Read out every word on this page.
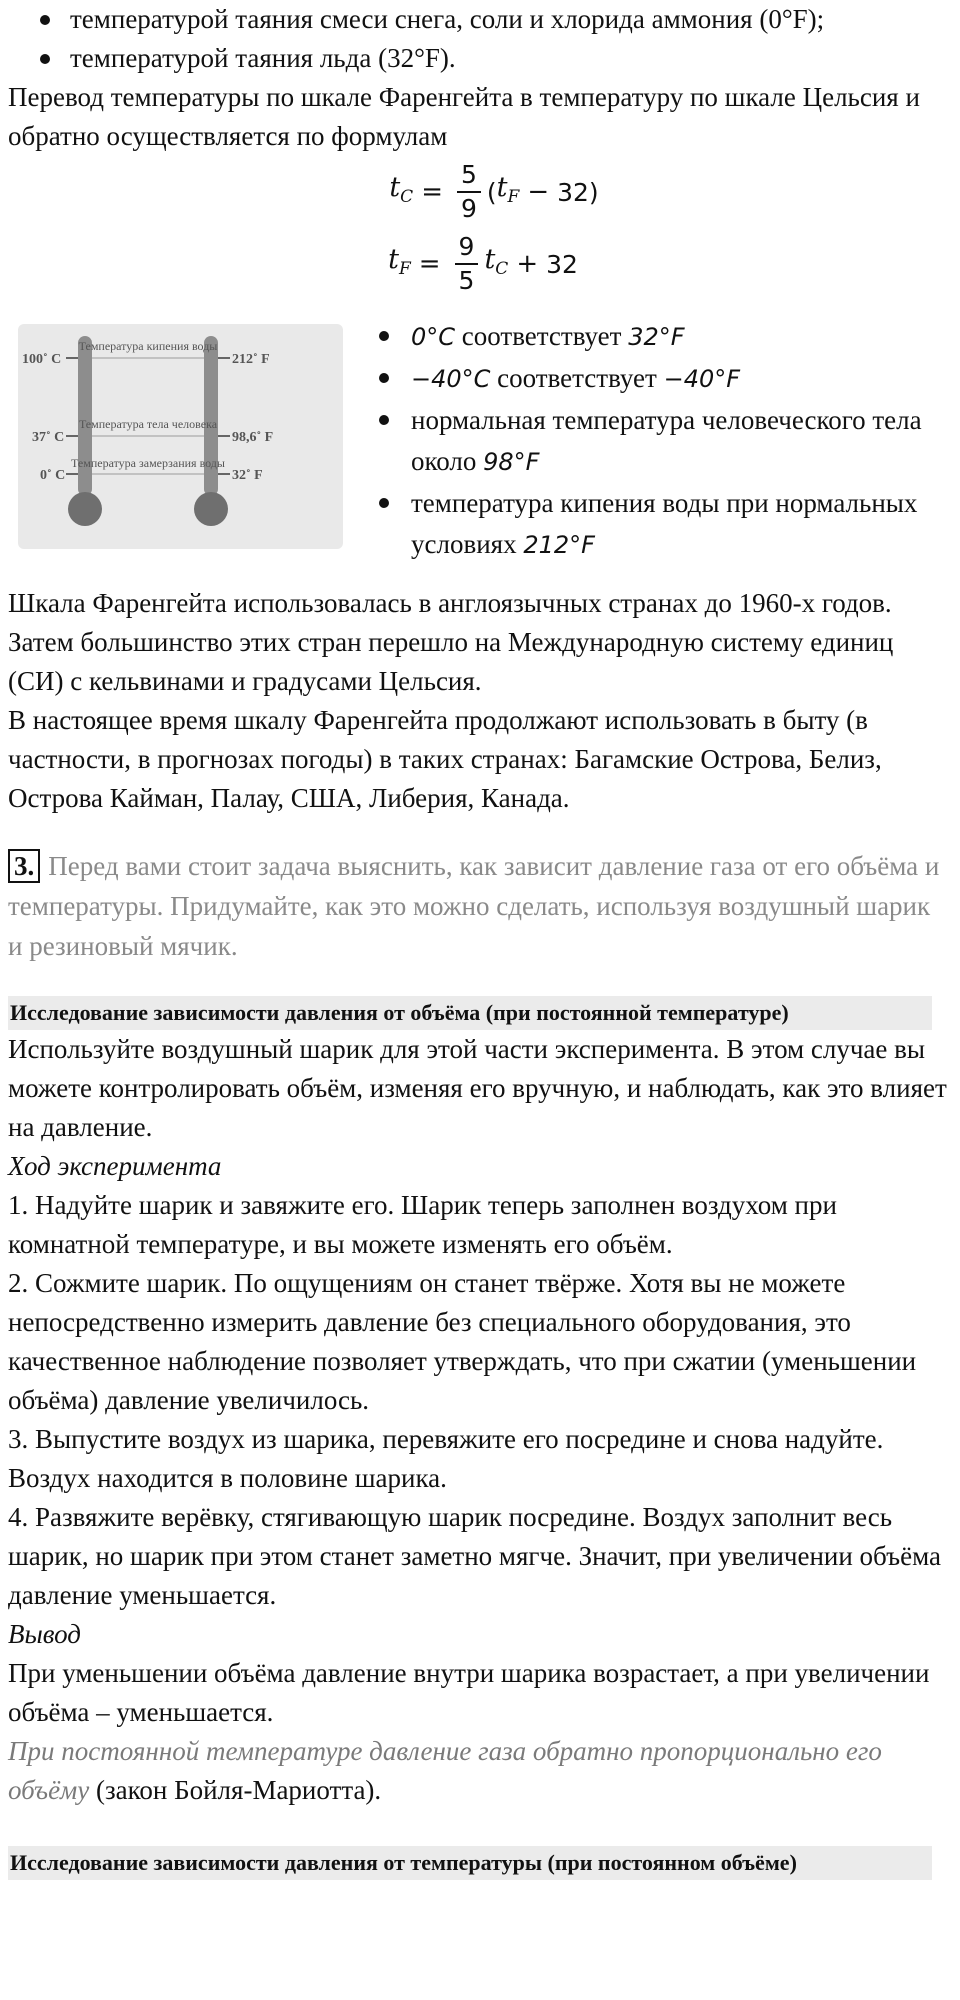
температурой таяния смеси снега, соли и хлорида аммония (0°F);
температурой таяния льда (32°F).

Перевод температуры по шкале Фаренгейта в температуру по шкале Цельсия и обратно осуществляется по формулам

$t_C = \frac{5}{9}$ ( $t_F - 32$ )
$t_F = \frac{9}{5} t_C + 32$
100˚ C
37˚ C
0˚ C
212˚ F
98,6˚ F
32˚ F
Температура кипения воды
Температура тела человека
Температура замерзания воды
0°C соответствует 32°F
−40°C соответствует −40°F
нормальная температура человеческого тела около 98°F
температура кипения воды при нормальных условиях 212°F

Шкала Фаренгейта использовалась в англоязычных странах до 1960-х годов. Затем большинство этих стран перешло на Международную систему единиц (СИ) с кельвинами и градусами Цельсия.

В настоящее время шкалу Фаренгейта продолжают использовать в быту (в частности, в прогнозах погоды) в таких странах: Багамские Острова, Белиз, Острова Кайман, Палау, США, Либерия, Канада.

3. Перед вами стоит задача выяснить, как зависит давление газа от его объёма и температуры. Придумайте, как это можно сделать, используя воздушный шарик и резиновый мячик.

Исследование зависимости давления от объёма (при постоянной температуре)

Используйте воздушный шарик для этой части эксперимента. В этом случае вы можете контролировать объём, изменяя его вручную, и наблюдать, как это влияет на давление.

Ход эксперимента

1. Надуйте шарик и завяжите его. Шарик теперь заполнен воздухом при комнатной температуре, и вы можете изменять его объём.

2. Сожмите шарик. По ощущениям он станет твёрже. Хотя вы не можете непосредственно измерить давление без специального оборудования, это качественное наблюдение позволяет утверждать, что при сжатии (уменьшении объёма) давление увеличилось.

3. Выпустите воздух из шарика, перевяжите его посредине и снова надуйте. Воздух находится в половине шарика.

4. Развяжите верёвку, стягивающую шарик посредине. Воздух заполнит весь шарик, но шарик при этом станет заметно мягче. Значит, при увеличении объёма давление уменьшается.

Вывод

При уменьшении объёма давление внутри шарика возрастает, а при увеличении объёма – уменьшается.

При постоянной температуре давление газа обратно пропорционально его объёму (закон Бойля-Мариотта).

Исследование зависимости давления от температуры (при постоянном объёме)
